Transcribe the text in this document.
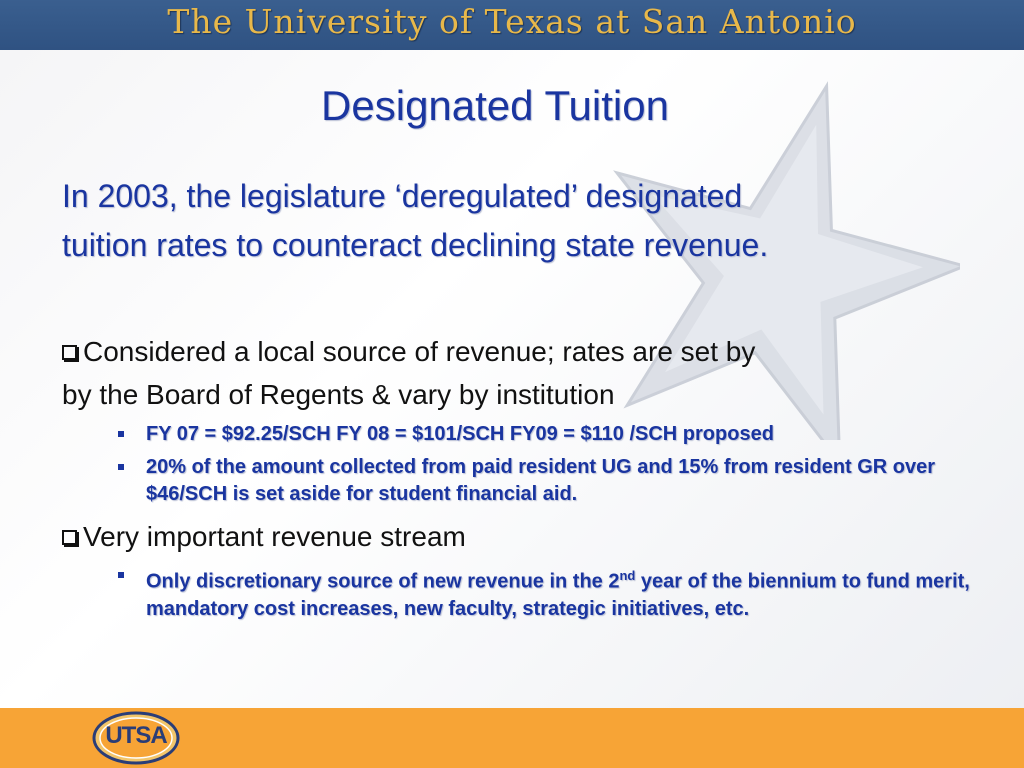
The University of Texas at San Antonio
Designated Tuition
In 2003, the legislature ‘deregulated’ designated
tuition rates to counteract declining state revenue.
Considered a local source of revenue; rates are set by
by the Board of Regents & vary by institution
FY 07 = $92.25/SCH FY 08 = $101/SCH FY09 = $110 /SCH proposed
20% of the amount collected from paid resident UG and 15% from resident GR over $46/SCH is set aside for student financial aid.
Very important revenue stream
Only discretionary source of new revenue in the 2nd year of the biennium to fund merit, mandatory cost increases, new faculty, strategic initiatives, etc.
UTSA
